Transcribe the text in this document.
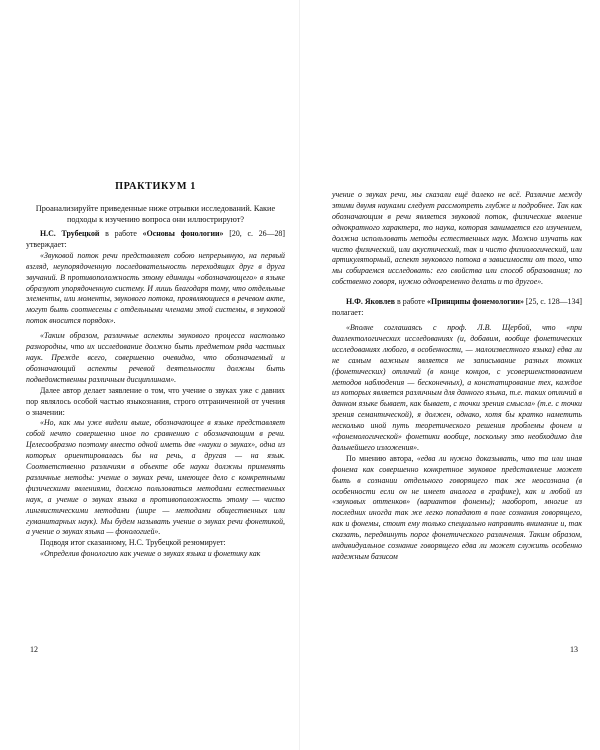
ПРАКТИКУМ 1
Проанализируйте приведенные ниже отрывки исследований. Какие подходы к изучению вопроса они иллюстрируют?

Н.С. Трубецкой в работе «Основы фонологии» [20, с. 26—28] утверждает:

«Звуковой поток речи представляет собою непрерывную, на первый взгляд, неупорядоченную последовательность переходящих друг в друга звучаний. В противоположность этому единицы «обозначающего» в языке образуют упорядоченную систему. И лишь благодаря тому, что отдельные элементы, или моменты, звукового потока, проявляющиеся в речевом акте, могут быть соотнесены с отдельными членами этой системы, в звуковой поток вносится порядок».

«Таким образом, различные аспекты звукового процесса настолько разнородны, что их исследование должно быть предметом ряда частных наук. Прежде всего, совершенно очевидно, что обозначаемый и обозначающий аспекты речевой деятельности должны быть подведомственны различным дисциплинам».

Далее автор делает заявление о том, что учение о звуках уже с давних пор являлось особой частью языкознания, строго отграниченной от учения о значении:

«Но, как мы уже видели выше, обозначающее в языке представляет собой нечто совершенно иное по сравнению с обозначающим в речи. Целесообразно поэтому вместо одной иметь две «науки о звуках», одна из которых ориентировалась бы на речь, а другая — на язык. Соответственно различиям в объекте обе науки должны применять различные методы: учение о звуках речи, имеющее дело с конкретными физическими явлениями, должно пользоваться методами естественных наук, а учение о звуках языка в противоположность этому — чисто лингвистическими методами (шире — методами общественных или гуманитарных наук). Мы будем называть учение о звуках речи фонетикой, а учение о звуках языка — фонологией».

Подводя итог сказанному, Н.С. Трубецкой резюмирует:

«Определив фонологию как учение о звуках языка и фонетику как

12

учение о звуках речи, мы сказали ещё далеко не всё. Различие между этими двумя науками следует рассмотреть глубже и подробнее. Так как обозначающим в речи является звуковой поток, физические явление однократного характера, то наука, которая занимается его изучением, должна использовать методы естественных наук. Можно изучать как чисто физический, или акустический, так и чисто физиологический, или артикуляторный, аспект звукового потока в зависимости от того, что мы собираемся исследовать: его свойства или способ образования; по собственно говоря, нужно одновременно делать и то другое».

Н.Ф. Яковлев в работе «Принципы фонемологии» [25, с. 128—134] полагает:

«Вполне соглашаясь с проф. Л.В. Щербой, что «при диалектологических исследованиях (и, добавим, вообще фонетических исследованиях любого, в особенности, — малоизвестного языка) едва ли не самым важным является не записывание разных тонких (фонетических) отличий (в конце концов, с усовершенствованием методов наблюдения — бесконечных), а констатирование тех, каждое из которых является различным для данного языка, т.е. таких отличий в данном языке бывает, как бывает, с точки зрения смысла» (т.е. с точки зрения семантической), я должен, однако, хотя бы кратко наметить несколько иной путь теоретического решения проблемы фонем и «фонемологической» фонетики вообще, поскольку это необходимо для дальнейшего изложения».

По мнению автора, «едва ли нужно доказывать, что та или иная фонема как совершенно конкретное звуковое представление может быть в сознании отдельного говорящего так же неосознана (в особенности если он не имеет аналога в графике), как и любой из «звуковых оттенков» (вариантов фонемы); наоборот, многие из последних иногда так же легко попадают в поле сознания говорящего, как и фонемы, стоит ему только специально направить внимание и, так сказать, передвинуть порог фонетического различения. Таким образом, индивидуальное сознание говорящего едва ли может служить особенно надежным базисом

13
